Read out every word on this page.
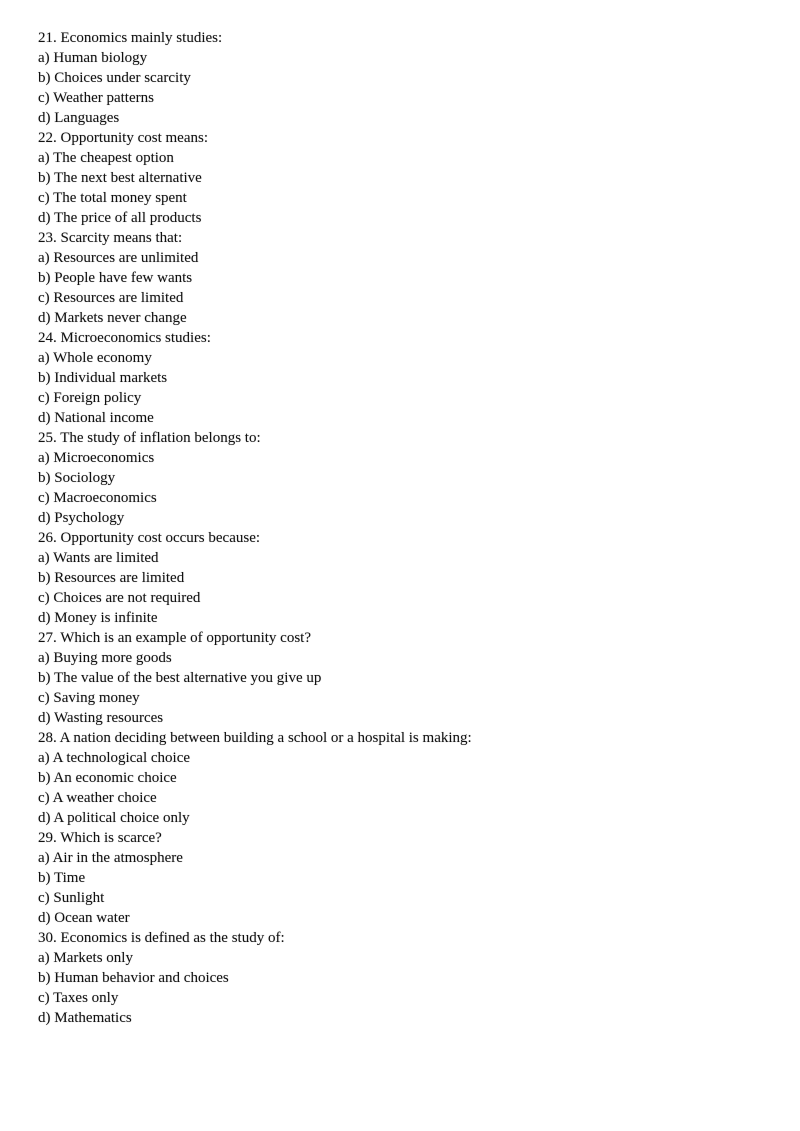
21. Economics mainly studies:
a) Human biology
b) Choices under scarcity
c) Weather patterns
d) Languages
22. Opportunity cost means:
a) The cheapest option
b) The next best alternative
c) The total money spent
d) The price of all products
23. Scarcity means that:
a) Resources are unlimited
b) People have few wants
c) Resources are limited
d) Markets never change
24. Microeconomics studies:
a) Whole economy
b) Individual markets
c) Foreign policy
d) National income
25. The study of inflation belongs to:
a) Microeconomics
b) Sociology
c) Macroeconomics
d) Psychology
26. Opportunity cost occurs because:
a) Wants are limited
b) Resources are limited
c) Choices are not required
d) Money is infinite
27. Which is an example of opportunity cost?
a) Buying more goods
b) The value of the best alternative you give up
c) Saving money
d) Wasting resources
28. A nation deciding between building a school or a hospital is making:
a) A technological choice
b) An economic choice
c) A weather choice
d) A political choice only
29. Which is scarce?
a) Air in the atmosphere
b) Time
c) Sunlight
d) Ocean water
30. Economics is defined as the study of:
a) Markets only
b) Human behavior and choices
c) Taxes only
d) Mathematics
